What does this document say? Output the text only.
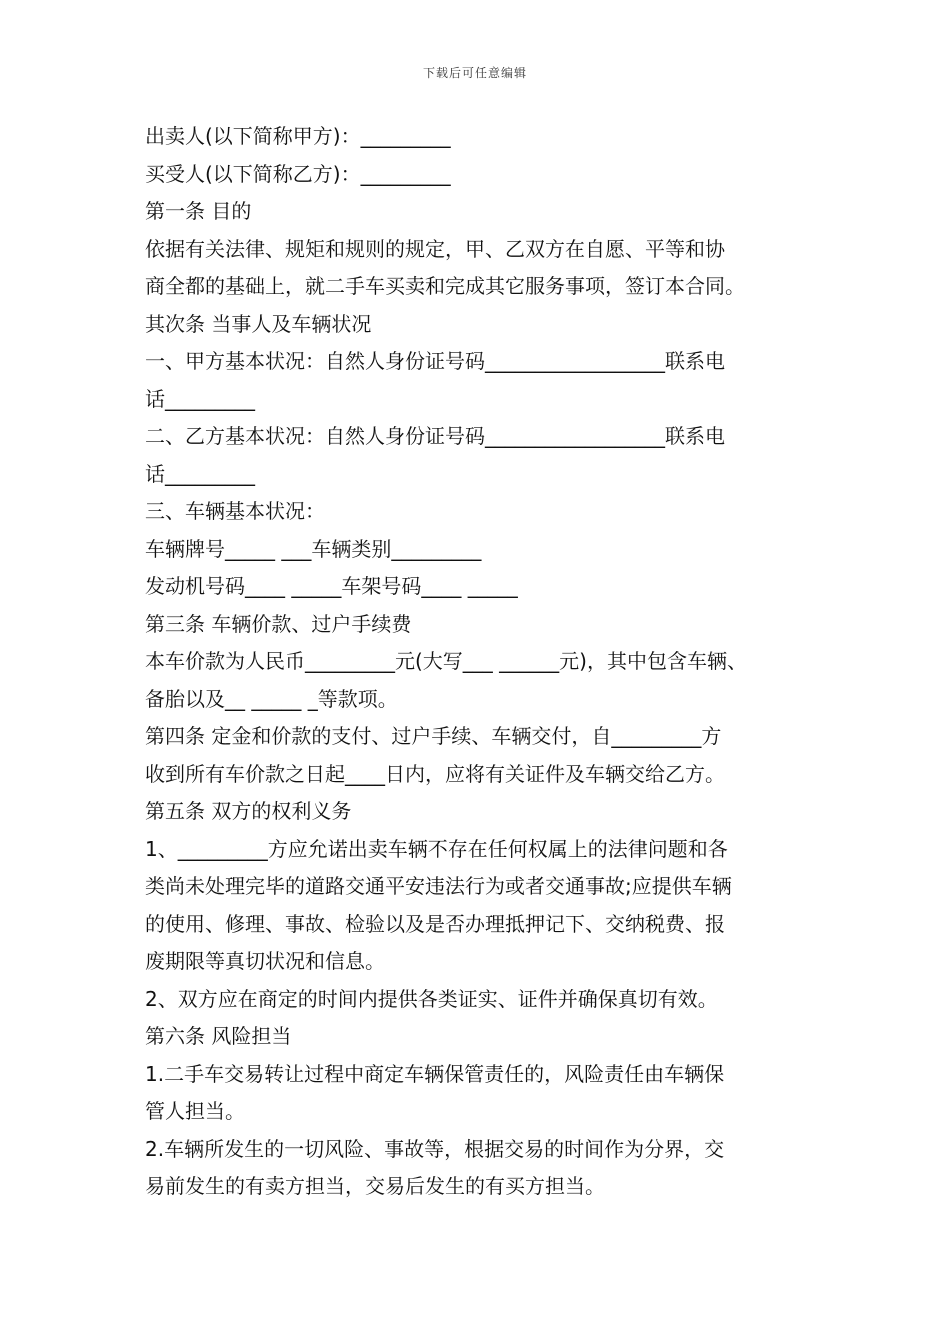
下载后可任意编辑
出卖人(以下简称甲方)：_________
买受人(以下简称乙方)：_________
第一条 目的
依据有关法律、规矩和规则的规定，甲、乙双方在自愿、平等和协
商全都的基础上，就二手车买卖和完成其它服务事项，签订本合同。
其次条 当事人及车辆状况
一、甲方基本状况：自然人身份证号码__________________联系电
话_________
二、乙方基本状况：自然人身份证号码__________________联系电
话_________
三、车辆基本状况：
车辆牌号_____ ___车辆类别_________
发动机号码____ _____车架号码____ _____
第三条 车辆价款、过户手续费
本车价款为人民币_________元(大写___ ______元)，其中包含车辆、
备胎以及__ _____ _等款项。
第四条 定金和价款的支付、过户手续、车辆交付，自_________方
收到所有车价款之日起____日内，应将有关证件及车辆交给乙方。
第五条 双方的权利义务
1、_________方应允诺出卖车辆不存在任何权属上的法律问题和各
类尚未处理完毕的道路交通平安违法行为或者交通事故;应提供车辆
的使用、修理、事故、检验以及是否办理抵押记下、交纳税费、报
废期限等真切状况和信息。
2、双方应在商定的时间内提供各类证实、证件并确保真切有效。
第六条 风险担当
1.二手车交易转让过程中商定车辆保管责任的，风险责任由车辆保
管人担当。
2.车辆所发生的一切风险、事故等，根据交易的时间作为分界，交
易前发生的有卖方担当，交易后发生的有买方担当。
